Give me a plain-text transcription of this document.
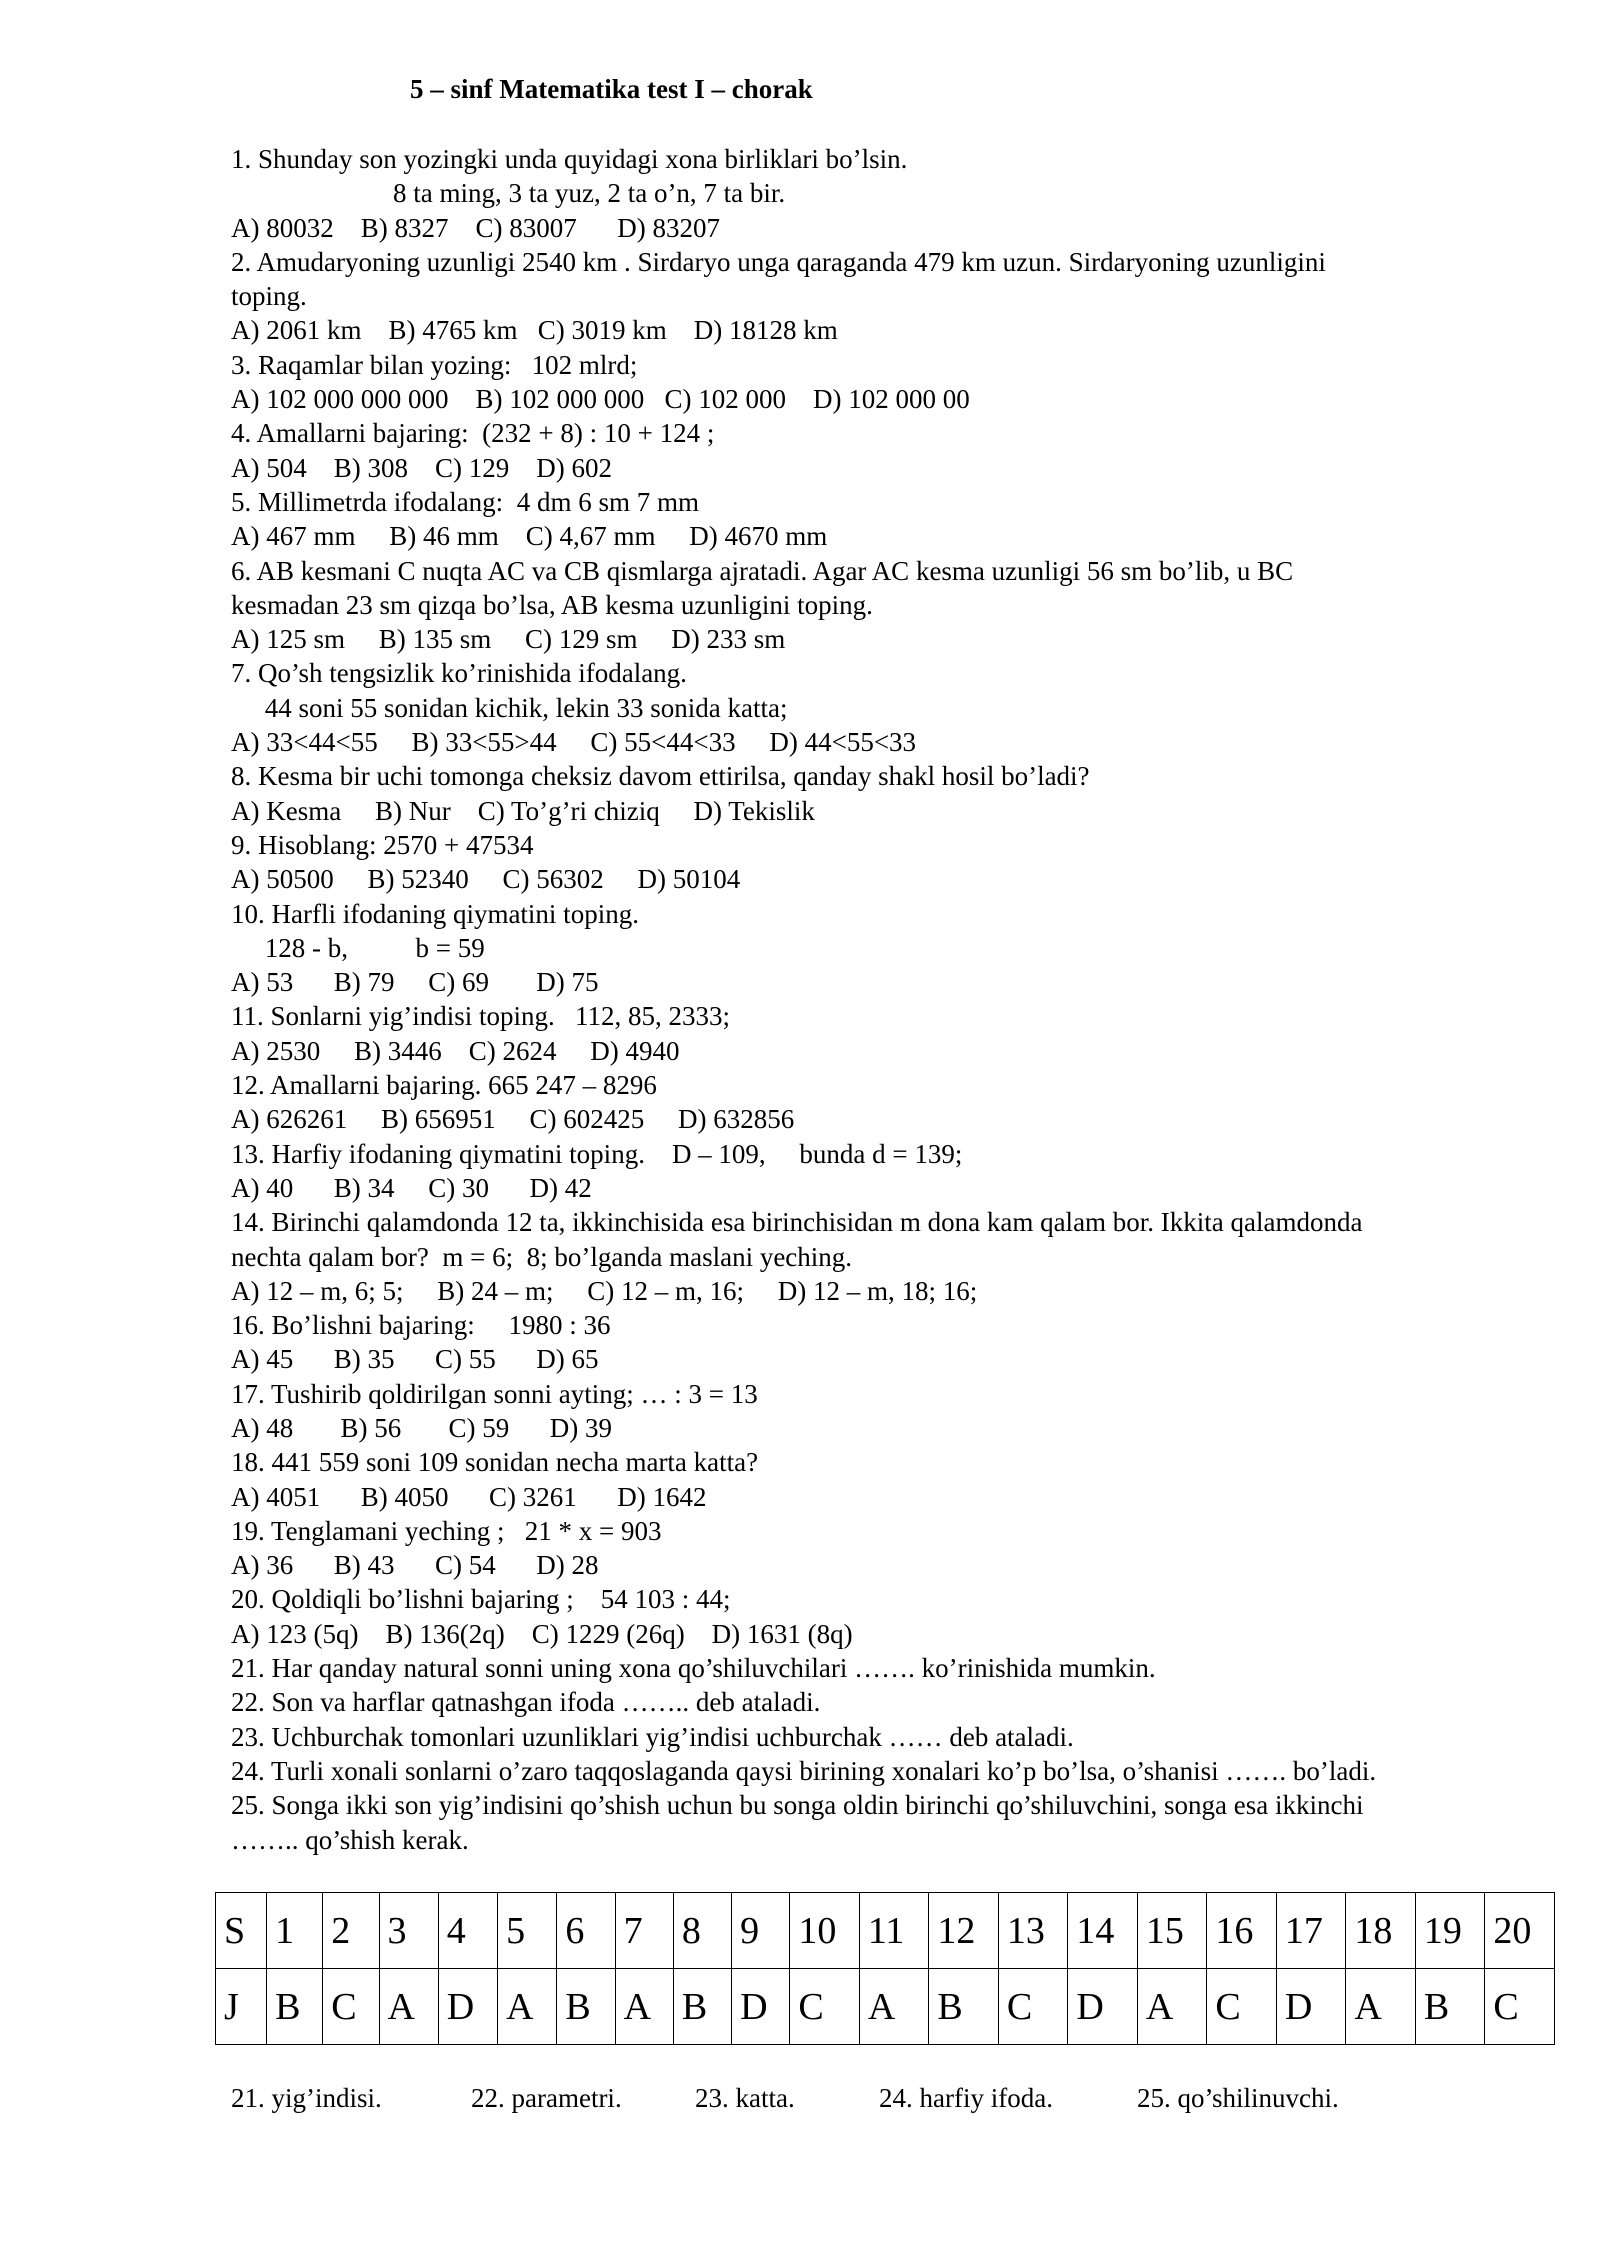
5 – sinf Matematika test I – chorak
1. Shunday son yozingki unda quyidagi xona birliklari bo’lsin.
8 ta ming, 3 ta yuz, 2 ta o’n, 7 ta bir.
A) 80032    B) 8327    C) 83007      D) 83207
2. Amudaryoning uzunligi 2540 km . Sirdaryo unga qaraganda 479 km uzun. Sirdaryoning uzunligini
toping.
A) 2061 km    B) 4765 km   C) 3019 km    D) 18128 km
3. Raqamlar bilan yozing:   102 mlrd;
A) 102 000 000 000    B) 102 000 000   C) 102 000    D) 102 000 00
4. Amallarni bajaring:  (232 + 8) : 10 + 124 ;
A) 504    B) 308    C) 129    D) 602
5. Millimetrda ifodalang:  4 dm 6 sm 7 mm
A) 467 mm     B) 46 mm    C) 4,67 mm     D) 4670 mm
6. AB kesmani C nuqta AC va CB qismlarga ajratadi. Agar AC kesma uzunligi 56 sm bo’lib, u BC
kesmadan 23 sm qizqa bo’lsa, AB kesma uzunligini toping.
A) 125 sm     B) 135 sm     C) 129 sm     D) 233 sm
7. Qo’sh tengsizlik ko’rinishida ifodalang.
44 soni 55 sonidan kichik, lekin 33 sonida katta;
A) 33<44<55     B) 33<55>44     C) 55<44<33     D) 44<55<33
8. Kesma bir uchi tomonga cheksiz davom ettirilsa, qanday shakl hosil bo’ladi?
A) Kesma     B) Nur    C) To’g’ri chiziq     D) Tekislik
9. Hisoblang: 2570 + 47534
A) 50500     B) 52340     C) 56302     D) 50104
10. Harfli ifodaning qiymatini toping.
128 - b,          b = 59
A) 53      B) 79     C) 69       D) 75
11. Sonlarni yig’indisi toping.   112, 85, 2333;
A) 2530     B) 3446    C) 2624     D) 4940
12. Amallarni bajaring. 665 247 – 8296
A) 626261     B) 656951     C) 602425     D) 632856
13. Harfiy ifodaning qiymatini toping.    D – 109,     bunda d = 139;
A) 40      B) 34     C) 30      D) 42
14. Birinchi qalamdonda 12 ta, ikkinchisida esa birinchisidan m dona kam qalam bor. Ikkita qalamdonda
nechta qalam bor?  m = 6;  8; bo’lganda maslani yeching.
A) 12 – m, 6; 5;     B) 24 – m;     C) 12 – m, 16;     D) 12 – m, 18; 16;
16. Bo’lishni bajaring:     1980 : 36
A) 45      B) 35      C) 55      D) 65
17. Tushirib qoldirilgan sonni ayting; … : 3 = 13
A) 48       B) 56       C) 59      D) 39
18. 441 559 soni 109 sonidan necha marta katta?
A) 4051      B) 4050      C) 3261      D) 1642
19. Tenglamani yeching ;   21 * x = 903
A) 36      B) 43      C) 54      D) 28
20. Qoldiqli bo’lishni bajaring ;    54 103 : 44;
A) 123 (5q)    B) 136(2q)    C) 1229 (26q)    D) 1631 (8q)
21. Har qanday natural sonni uning xona qo’shiluvchilari ……. ko’rinishida mumkin.
22. Son va harflar qatnashgan ifoda …….. deb ataladi.
23. Uchburchak tomonlari uzunliklari yig’indisi uchburchak …… deb ataladi.
24. Turli xonali sonlarni o’zaro taqqoslaganda qaysi birining xonalari ko’p bo’lsa, o’shanisi ……. bo’ladi.
25. Songa ikki son yig’indisini qo’shish uchun bu songa oldin birinchi qo’shiluvchini, songa esa ikkinchi
…….. qo’shish kerak.
S	1	2	3	4	5	6	7	8	9	10	11	12	13	14	15	16	17	18	19	20
J	B	C	A	D	A	B	A	B	D	C	A	B	C	D	A	C	D	A	B	C
21. yig’indisi.	22. parametri.	23. katta.	24. harfiy ifoda.	25. qo’shilinuvchi.
